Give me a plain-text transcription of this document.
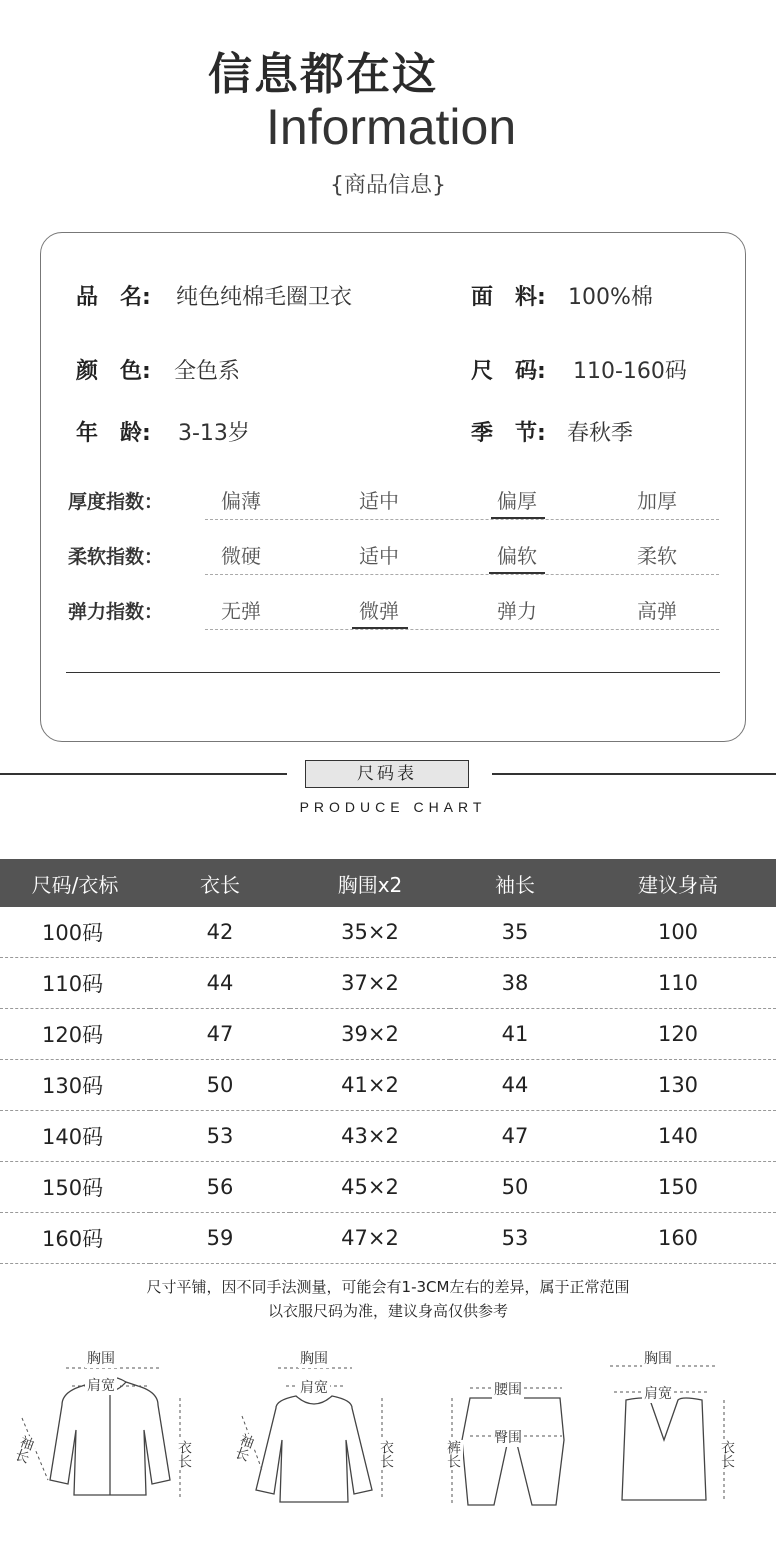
信息都在这
Information
{商品信息}
品　名: 纯色纯棉毛圈卫衣	面　料: 100%棉
颜　色: 全色系	尺　码: 110-160码
年　龄: 3-13岁	季　节: 春秋季
厚度指数：	偏薄	适中	偏厚	加厚
柔软指数：	微硬	适中	偏软	柔软
弹力指数：	无弹	微弹	弹力	高弹
尺码表
PRODUCE CHART
尺码/衣标	衣长	胸围x2	袖长	建议身高
100码	42	35×2	35	100
110码	44	37×2	38	110
120码	47	39×2	41	120
130码	50	41×2	44	130
140码	53	43×2	47	140
150码	56	45×2	50	150
160码	59	47×2	53	160
尺寸平铺，因不同手法测量，可能会有1-3CM左右的差异，属于正常范围
以衣服尺码为准，建议身高仅供参考
胸围
肩宽
袖长	衣长
胸围
肩宽
袖长	衣长
腰围
臀围
裤长
胸围
肩宽
衣长
